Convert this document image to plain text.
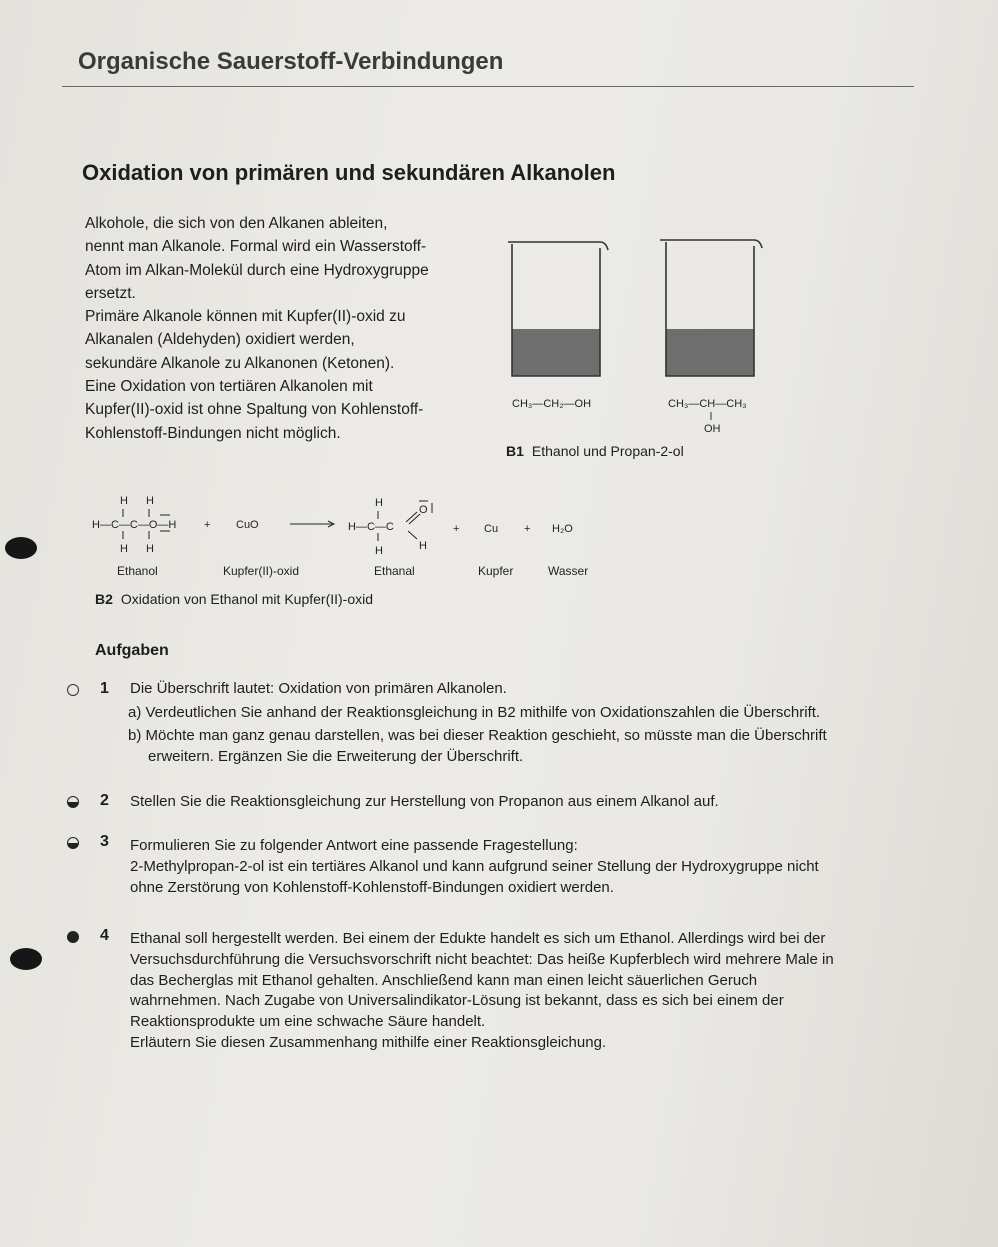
Organische Sauerstoff-Verbindungen
Oxidation von primären und sekundären Alkanolen
Alkohole, die sich von den Alkanen ableiten,
nennt man Alkanole. Formal wird ein Wasserstoff-
Atom im Alkan-Molekül durch eine Hydroxygruppe
ersetzt.
Primäre Alkanole können mit Kupfer(II)-oxid zu
Alkanalen (Aldehyden) oxidiert werden,
sekundäre Alkanole zu Alkanonen (Ketonen).
Eine Oxidation von tertiären Alkanolen mit
Kupfer(II)-oxid ist ohne Spaltung von Kohlenstoff-
Kohlenstoff-Bindungen nicht möglich.
CH₃—CH₂—OH	CH₃—CH—CH₃
OH
B1 Ethanol und Propan-2-ol
H H
H—C—C—O—H
H H
+ CuO
H
H—C—C
H
O
H
+ Cu + H₂O
Ethanol	Kupfer(II)-oxid	Ethanal	Kupfer	Wasser
B2 Oxidation von Ethanol mit Kupfer(II)-oxid
Aufgaben
1 Die Überschrift lautet: Oxidation von primären Alkanolen.
a) Verdeutlichen Sie anhand der Reaktionsgleichung in B2 mithilfe von Oxidationszahlen die Überschrift.
b) Möchte man ganz genau darstellen, was bei dieser Reaktion geschieht, so müsste man die Überschrift
erweitern. Ergänzen Sie die Erweiterung der Überschrift.
2 Stellen Sie die Reaktionsgleichung zur Herstellung von Propanon aus einem Alkanol auf.
3 Formulieren Sie zu folgender Antwort eine passende Fragestellung:
2-Methylpropan-2-ol ist ein tertiäres Alkanol und kann aufgrund seiner Stellung der Hydroxygruppe nicht
ohne Zerstörung von Kohlenstoff-Kohlenstoff-Bindungen oxidiert werden.
4 Ethanal soll hergestellt werden. Bei einem der Edukte handelt es sich um Ethanol. Allerdings wird bei der
Versuchsdurchführung die Versuchsvorschrift nicht beachtet: Das heiße Kupferblech wird mehrere Male in
das Becherglas mit Ethanol gehalten. Anschließend kann man einen leicht säuerlichen Geruch
wahrnehmen. Nach Zugabe von Universalindikator-Lösung ist bekannt, dass es sich bei einem der
Reaktionsprodukte um eine schwache Säure handelt.
Erläutern Sie diesen Zusammenhang mithilfe einer Reaktionsgleichung.
